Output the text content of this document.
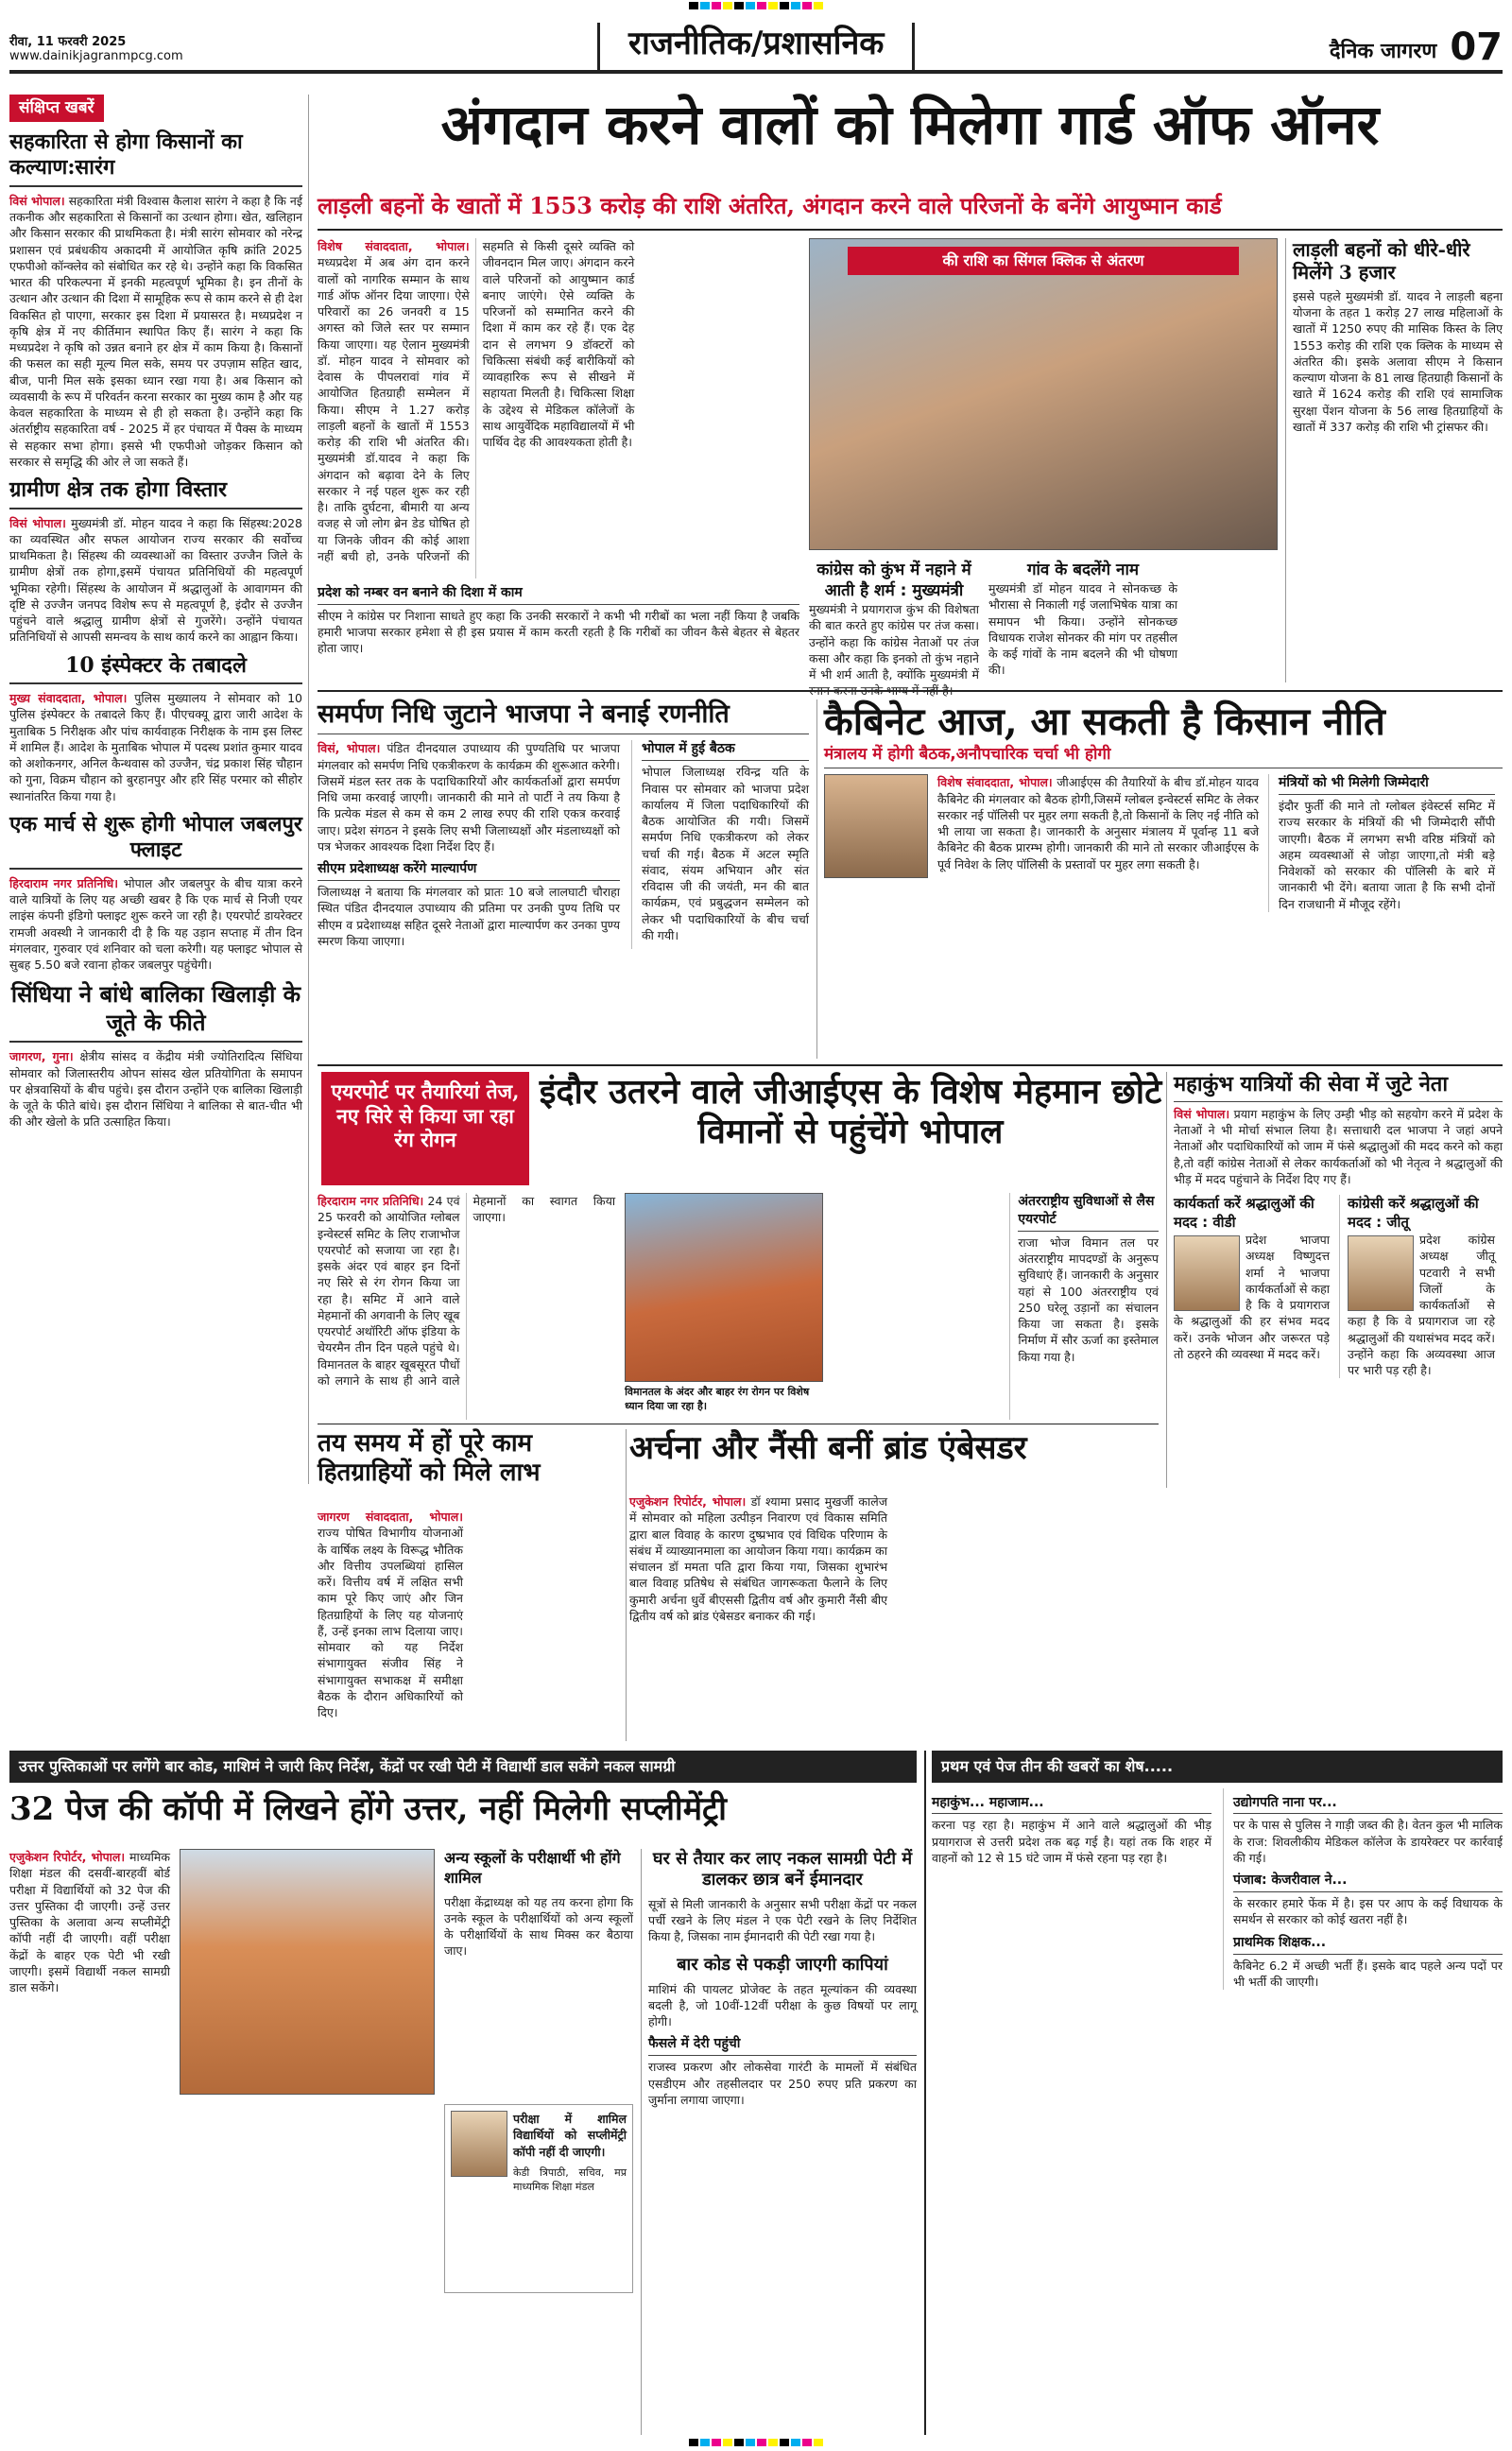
रीवा, 11 फरवरी 2025
www.dainikjagranmpcg.com	राजनीतिक/प्रशासनिक	दैनिक जागरण 07
संक्षिप्त खबरें
सहकारिता से होगा किसानों का कल्याण:सारंग

विसं भोपाल। सहकारिता मंत्री विश्वास कैलाश सारंग ने कहा है कि नई तकनीक और सहकारिता से किसानों का उत्थान होगा। खेत, खलिहान और किसान सरकार की प्राथमिकता है। मंत्री सारंग सोमवार को नरेन्द्र प्रशासन एवं प्रबंधकीय अकादमी में आयोजित कृषि क्रांति 2025 एफपीओ कॉन्क्लेव को संबोधित कर रहे थे। उन्होंने कहा कि विकसित भारत की परिकल्पना में इनकी महत्वपूर्ण भूमिका है। इन तीनों के उत्थान और उत्थान की दिशा में सामूहिक रूप से काम करने से ही देश विकसित हो पाएगा, सरकार इस दिशा में प्रयासरत है। मध्यप्रदेश न कृषि क्षेत्र में नए कीर्तिमान स्थापित किए हैं। सारंग ने कहा कि मध्यप्रदेश ने कृषि को उन्नत बनाने हर क्षेत्र में काम किया है। किसानों की फसल का सही मूल्य मिल सके, समय पर उपज़ाम सहित खाद, बीज, पानी मिल सके इसका ध्यान रखा गया है। अब किसान को व्यवसायी के रूप में परिवर्तन करना सरकार का मुख्य काम है और यह केवल सहकारिता के माध्यम से ही हो सकता है। उन्होंने कहा कि अंतर्राष्ट्रीय सहकारिता वर्ष - 2025 में हर पंचायत में पैक्स के माध्यम से सहकार सभा होगा। इससे भी एफपीओ जोड़कर किसान को सरकार से समृद्धि की ओर ले जा सकते हैं।

ग्रामीण क्षेत्र तक होगा विस्तार

विसं भोपाल। मुख्यमंत्री डॉ. मोहन यादव ने कहा कि सिंहस्थ:2028 का व्यवस्थित और सफल आयोजन राज्य सरकार की सर्वोच्च प्राथमिकता है। सिंहस्थ की व्यवस्थाओं का विस्तार उज्जैन जिले के ग्रामीण क्षेत्रों तक होगा,इसमें पंचायत प्रतिनिधियों की महत्वपूर्ण भूमिका रहेगी। सिंहस्थ के आयोजन में श्रद्धालुओं के आवागमन की दृष्टि से उज्जैन जनपद विशेष रूप से महत्वपूर्ण है, इंदौर से उज्जैन पहुंचने वाले श्रद्धालु ग्रामीण क्षेत्रों से गुजरेंगे। उन्होंने पंचायत प्रतिनिधियों से आपसी समन्वय के साथ कार्य करने का आह्वान किया।

10 इंस्पेक्टर के तबादले

मुख्य संवाददाता, भोपाल। पुलिस मुख्यालय ने सोमवार को 10 पुलिस इंस्पेक्टर के तबादले किए हैं। पीएचक्यू द्वारा जारी आदेश के मुताबिक 5 निरीक्षक और पांच कार्यवाहक निरीक्षक के नाम इस लिस्ट में शामिल हैं। आदेश के मुताबिक भोपाल में पदस्थ प्रशांत कुमार यादव को अशोकनगर, अनिल कैन्थवास को उज्जैन, चंद्र प्रकाश सिंह चौहान को गुना, विक्रम चौहान को बुरहानपुर और हरि सिंह परमार को सीहोर स्थानांतरित किया गया है।

एक मार्च से शुरू होगी भोपाल जबलपुर फ्लाइट

हिरदाराम नगर प्रतिनिधि। भोपाल और जबलपुर के बीच यात्रा करने वाले यात्रियों के लिए यह अच्छी खबर है कि एक मार्च से निजी एयर लाइंस कंपनी इंडिगो फ्लाइट शुरू करने जा रही है। एयरपोर्ट डायरेक्टर रामजी अवस्थी ने जानकारी दी है कि यह उड़ान सप्ताह में तीन दिन मंगलवार, गुरुवार एवं शनिवार को चला करेगी। यह फ्लाइट भोपाल से सुबह 5.50 बजे रवाना होकर जबलपुर पहुंचेगी।

सिंधिया ने बांधे बालिका खिलाड़ी के जूते के फीते

जागरण, गुना। क्षेत्रीय सांसद व केंद्रीय मंत्री ज्योतिरादित्य सिंधिया सोमवार को जिलास्तरीय ओपन सांसद खेल प्रतियोगिता के समापन पर क्षेत्रवासियों के बीच पहुंचे। इस दौरान उन्होंने एक बालिका खिलाड़ी के जूते के फीते बांधे। इस दौरान सिंधिया ने बालिका से बात-चीत भी की और खेलो के प्रति उत्साहित किया।

अंगदान करने वालों को मिलेगा गार्ड ऑफ ऑनर
लाड़ली बहनों के खातों में 1553 करोड़ की राशि अंतरित, अंगदान करने वाले परिजनों के बनेंगे आयुष्मान कार्ड
विशेष संवाददाता, भोपाल। मध्यप्रदेश में अब अंग दान करने वालों को नागरिक सम्मान के साथ गार्ड ऑफ ऑनर दिया जाएगा। ऐसे परिवारों का 26 जनवरी व 15 अगस्त को जिले स्तर पर सम्मान किया जाएगा। यह ऐलान मुख्यमंत्री डॉ. मोहन यादव ने सोमवार को देवास के पीपलरावां गांव में आयोजित हितग्राही सम्मेलन में किया। सीएम ने 1.27 करोड़ लाड़ली बहनों के खातों में 1553 करोड़ की राशि भी अंतरित की। मुख्यमंत्री डॉ.यादव ने कहा कि अंगदान को बढ़ावा देने के लिए सरकार ने नई पहल शुरू कर रही है। ताकि दुर्घटना, बीमारी या अन्य वजह से जो लोग ब्रेन डेड घोषित हो या जिनके जीवन की कोई आशा नहीं बची हो, उनके परिजनों की सहमति से किसी दूसरे व्यक्ति को जीवनदान मिल जाए। अंगदान करने वाले परिजनों को आयुष्मान कार्ड बनाए जाएंगे। ऐसे व्यक्ति के परिजनों को सम्मानित करने की दिशा में काम कर रहे हैं। एक देह दान से लगभग 9 डॉक्टरों को चिकित्सा संबंधी कई बारीकियों को व्यावहारिक रूप से सीखने में सहायता मिलती है। चिकित्सा शिक्षा के उद्देश्य से मेडिकल कॉलेजों के साथ आयुर्वेदिक महाविद्यालयों में भी पार्थिव देह की आवश्यकता होती है।
प्रदेश को नम्बर वन बनाने की दिशा में काम

सीएम ने कांग्रेस पर निशाना साधते हुए कहा कि उनकी सरकारों ने कभी भी गरीबों का भला नहीं किया है जबकि हमारी भाजपा सरकार हमेशा से ही इस प्रयास में काम करती रहती है कि गरीबों का जीवन कैसे बेहतर से बेहतर होता जाए।

की राशि का सिंगल क्लिक से अंतरण
कांग्रेस को कुंभ में नहाने में आती है शर्म : मुख्यमंत्री

मुख्यमंत्री ने प्रयागराज कुंभ की विशेषता की बात करते हुए कांग्रेस पर तंज कसा। उन्होंने कहा कि कांग्रेस नेताओं पर तंज कसा और कहा कि इनको तो कुंभ नहाने में भी शर्म आती है, क्योंकि मुख्यमंत्री में

गांव के बदलेंगे नाम

मुख्यमंत्री डॉ मोहन यादव ने सोनकच्छ के भौरासा से निकाली गई जलाभिषेक यात्रा का समापन भी किया। उन्होंने सोनकच्छ विधायक राजेश सोनकर की मांग पर तहसील के कई गांवों के नाम बदलने की भी घोषणा की।

लाड़ली बहनों को धीरे-धीरे मिलेंगे 3 हजार

इससे पहले मुख्यमंत्री डॉ. यादव ने लाड़ली बहना योजना के तहत 1 करोड़ 27 लाख महिलाओं के खातों में 1250 रुपए की मासिक किस्त के लिए 1553 करोड़ की राशि एक क्लिक के माध्यम से अंतरित की। इसके अलावा सीएम ने किसान कल्याण योजना के 81 लाख हितग्राही किसानों के खाते में 1624 करोड़ की राशि एवं सामाजिक सुरक्षा पेंशन योजना के 56 लाख हितग्राहियों के खातों में 337 करोड़ की राशि भी ट्रांसफर की।

समर्पण निधि जुटाने भाजपा ने बनाई रणनीति

विसं, भोपाल। पंडित दीनदयाल उपाध्याय की पुण्यतिथि पर भाजपा मंगलवार को समर्पण निधि एकत्रीकरण के कार्यक्रम की शुरूआत करेगी। जिसमें मंडल स्तर तक के पदाधिकारियों और कार्यकर्ताओं द्वारा समर्पण निधि जमा करवाई जाएगी। जानकारी की माने तो पार्टी ने तय किया है कि प्रत्येक मंडल से कम से कम 2 लाख रुपए की राशि एकत्र करवाई जाए। प्रदेश संगठन ने इसके लिए सभी जिलाध्यक्षों और मंडलाध्यक्षों को पत्र भेजकर आवश्यक दिशा निर्देश दिए हैं।

सीएम प्रदेशाध्यक्ष करेंगे माल्यार्पण

जिलाध्यक्ष ने बताया कि मंगलवार को प्रातः 10 बजे लालघाटी चौराहा स्थित पंडित दीनदयाल उपाध्याय की प्रतिमा पर उनकी पुण्य तिथि पर सीएम व प्रदेशाध्यक्ष सहित दूसरे नेताओं द्वारा माल्यार्पण कर उनका पुण्य स्मरण किया जाएगा।

भोपाल में हुई बैठक

भोपाल जिलाध्यक्ष रविन्द्र यति के निवास पर सोमवार को भाजपा प्रदेश कार्यालय में जिला पदाधिकारियों की बैठक आयोजित की गयी। जिसमें समर्पण निधि एकत्रीकरण को लेकर चर्चा की गई। बैठक में अटल स्मृति संवाद, संयम अभियान और संत रविदास जी की जयंती, मन की बात कार्यक्रम, एवं प्रबुद्धजन सम्मेलन को लेकर भी पदाधिकारियों के बीच चर्चा की गयी।

कैबिनेट आज, आ सकती है किसान नीति
मंत्रालय में होगी बैठक,अनौपचारिक चर्चा भी होगी

विशेष संवाददाता, भोपाल। जीआईएस की तैयारियों के बीच डॉ.मोहन यादव कैबिनेट की मंगलवार को बैठक होगी,जिसमें ग्लोबल इन्वेस्टर्स समिट के लेकर सरकार नई पॉलिसी पर मुहर लगा सकती है,तो किसानों के लिए नई नीति को भी लाया जा सकता है। जानकारी के अनुसार मंत्रालय में पूर्वान्ह 11 बजे कैबिनेट की बैठक प्रारम्भ होगी। जानकारी की माने तो सरकार जीआईएस के पूर्व निवेश के लिए पॉलिसी के प्रस्तावों पर मुहर लगा सकती है।

मंत्रियों को भी मिलेगी जिम्मेदारी

इंदौर फुर्ती की माने तो ग्लोबल इंवेस्टर्स समिट में राज्य सरकार के मंत्रियों की भी जिम्मेदारी सौंपी जाएगी। बैठक में लगभग सभी वरिष्ठ मंत्रियों को अहम व्यवस्थाओं से जोड़ा जाएगा,तो मंत्री बड़े निवेशकों को सरकार की पॉलिसी के बारे में जानकारी भी देंगे। बताया जाता है कि सभी दोनों दिन राजधानी में मौजूद रहेंगे।

एयरपोर्ट पर तैयारियां तेज, नए सिरे से किया जा रहा रंग रोगन
इंदौर उतरने वाले जीआईएस के विशेष मेहमान छोटे विमानों से पहुंचेंगे भोपाल
हिरदाराम नगर प्रतिनिधि। 24 एवं 25 फरवरी को आयोजित ग्लोबल इन्वेस्टर्स समिट के लिए राजाभोज एयरपोर्ट को सजाया जा रहा है। इसके अंदर एवं बाहर इन दिनों नए सिरे से रंग रोगन किया जा रहा है। समिट में आने वाले मेहमानों की अगवानी के लिए खूब एयरपोर्ट अथॉरिटी ऑफ इंडिया के चेयरमैन तीन दिन पहले पहुंचे थे। विमानतल के बाहर खूबसूरत पौधों को लगाने के साथ ही आने वाले मेहमानों का स्वागत किया जाएगा।
विमानतल के अंदर और बाहर रंग रोगन पर विशेष ध्यान दिया जा रहा है।
अंतरराष्ट्रीय सुविधाओं से लैस एयरपोर्ट

राजा भोज विमान तल पर अंतरराष्ट्रीय मापदण्डों के अनुरूप सुविधाएं हैं। जानकारी के अनुसार यहां से 100 अंतरराष्ट्रीय एवं 250 घरेलू उड़ानों का संचालन किया जा सकता है। इसके निर्माण में सौर ऊर्जा का इस्तेमाल किया गया है।

महाकुंभ यात्रियों की सेवा में जुटे नेता

विसं भोपाल। प्रयाग महाकुंभ के लिए उम्ड़ी भीड़ को सहयोग करने में प्रदेश के नेताओं ने भी मोर्चा संभाल लिया है। सत्ताधारी दल भाजपा ने जहां अपने नेताओं और पदाधिकारियों को जाम में फंसे श्रद्धालुओं की मदद करने को कहा है,तो वहीं कांग्रेस नेताओं से लेकर कार्यकर्ताओं को भी नेतृत्व ने श्रद्धालुओं की भीड़ में मदद पहुंचाने के निर्देश दिए गए हैं।

कार्यकर्ता करें श्रद्धालुओं की मदद : वीडी

प्रदेश भाजपा अध्यक्ष विष्णुदत्त शर्मा ने भाजपा कार्यकर्ताओं से कहा है कि वे प्रयागराज के श्रद्धालुओं की हर संभव मदद करें। उनके भोजन और जरूरत पड़े तो ठहरने की व्यवस्था में मदद करें।

कांग्रेसी करें श्रद्धालुओं की मदद : जीतू

प्रदेश कांग्रेस अध्यक्ष जीतू पटवारी ने सभी जिलों के कार्यकर्ताओं से कहा है कि वे प्रयागराज जा रहे श्रद्धालुओं की यथासंभव मदद करें। उन्होंने कहा कि अव्यवस्था आज पर भारी पड़ रही है।

तय समय में हों पूरे काम हितग्राहियों को मिले लाभ
अर्चना और नैंसी बनीं ब्रांड एंबेसडर
जागरण संवाददाता, भोपाल। राज्य पोषित विभागीय योजनाओं के वार्षिक लक्ष्य के विरूद्ध भौतिक और वित्तीय उपलब्धियां हासिल करें। वित्तीय वर्ष में लक्षित सभी काम पूरे किए जाएं और जिन हितग्राहियों के लिए यह योजनाएं हैं, उन्हें इनका लाभ दिलाया जाए। सोमवार को यह निर्देश संभागायुक्त संजीव सिंह ने संभागायुक्त सभाकक्ष में समीक्षा बैठक के दौरान अधिकारियों को दिए।
एजुकेशन रिपोर्टर, भोपाल। डॉ श्यामा प्रसाद मुखर्जी कालेज में सोमवार को महिला उत्पीड़न निवारण एवं विकास समिति द्वारा बाल विवाह के कारण दुष्प्रभाव एवं विधिक परिणाम के संबंध में व्याख्यानमाला का आयोजन किया गया। कार्यक्रम का संचालन डॉ ममता पति द्वारा किया गया, जिसका शुभारंभ बाल विवाह प्रतिषेध से संबंधित जागरूकता फैलाने के लिए कुमारी अर्चना धुर्वे बीएससी द्वितीय वर्ष और कुमारी नैंसी बीए द्वितीय वर्ष को ब्रांड एंबेसडर बनाकर की गई।
उत्तर पुस्तिकाओं पर लगेंगे बार कोड, माशिमं ने जारी किए निर्देश, केंद्रों पर रखी पेटी में विद्यार्थी डाल सकेंगे नकल सामग्री
32 पेज की कॉपी में लिखने होंगे उत्तर, नहीं मिलेगी सप्लीमेंट्री

एजुकेशन रिपोर्टर, भोपाल। माध्यमिक शिक्षा मंडल की दसवीं-बारहवीं बोर्ड परीक्षा में विद्यार्थियों को 32 पेज की उत्तर पुस्तिका दी जाएगी। उन्हें उत्तर पुस्तिका के अलावा अन्य सप्लीमेंट्री कॉपी नहीं दी जाएगी। वहीं परीक्षा केंद्रों के बाहर एक पेटी भी रखी जाएगी। इसमें विद्यार्थी नकल सामग्री डाल सकेंगे।

अन्य स्कूलों के परीक्षार्थी भी होंगे शामिल

परीक्षा केंद्राध्यक्ष को यह तय करना होगा कि उनके स्कूल के परीक्षार्थियों को अन्य स्कूलों के परीक्षार्थियों के साथ मिक्स कर बैठाया जाए।

परीक्षा में शामिल विद्यार्थियों को सप्लीमेंट्री कॉपी नहीं दी जाएगी।

केडी त्रिपाठी, सचिव, मप्र माध्यमिक शिक्षा मंडल

घर से तैयार कर लाए नकल सामग्री पेटी में डालकर छात्र बनें ईमानदार

सूत्रों से मिली जानकारी के अनुसार सभी परीक्षा केंद्रों पर नकल पर्ची रखने के लिए मंडल ने एक पेटी रखने के लिए निर्देशित किया है, जिसका नाम ईमानदारी की पेटी रखा गया है।

बार कोड से पकड़ी जाएगी कापियां

माशिमं की पायलट प्रोजेक्ट के तहत मूल्यांकन की व्यवस्था बदली है, जो 10वीं-12वीं परीक्षा के कुछ विषयों पर लागू होगी।

फैसले में देरी पहुंची

राजस्व प्रकरण और लोकसेवा गारंटी के मामलों में संबंधित एसडीएम और तहसीलदार पर 250 रुपए प्रति प्रकरण का जुर्माना लगाया जाएगा।

प्रथम एवं पेज तीन की खबरों का शेष.....
महाकुंभ... महाजाम...

करना पड़ रहा है। महाकुंभ में आने वाले श्रद्धालुओं की भीड़ प्रयागराज से उत्तरी प्रदेश तक बढ़ गई है। यहां तक कि शहर में वाहनों को 12 से 15 घंटे जाम में फंसे रहना पड़ रहा है।

उद्योगपति नाना पर...

पर के पास से पुलिस ने गाड़ी जब्त की है। वेतन कुल भी मालिक के राज: शिवलीकीय मेडिकल कॉलेज के डायरेक्टर पर कार्रवाई की गई।

पंजाब: केजरीवाल ने...

के सरकार हमारे फेंक में है। इस पर आप के कई विधायक के समर्थन से सरकार को कोई खतरा नहीं है।

प्राथमिक शिक्षक...

कैबिनेट 6.2 में अच्छी भर्ती हैं। इसके बाद पहले अन्य पदों पर भी भर्ती की जाएगी।
